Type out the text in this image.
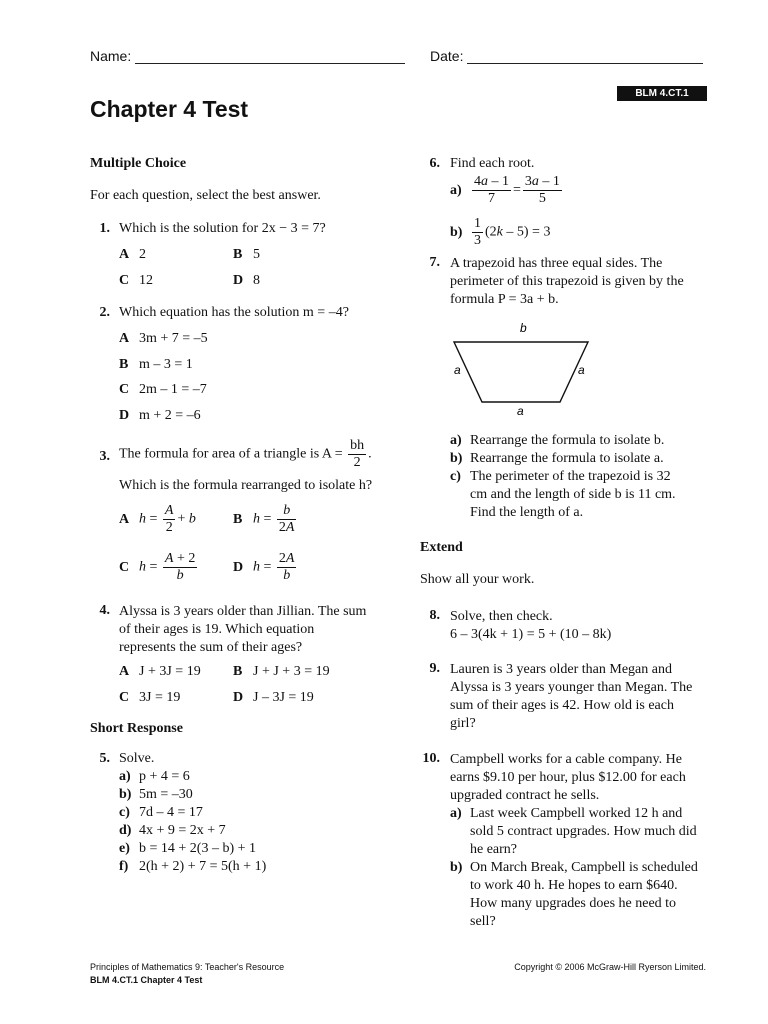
Name:	Date:
BLM 4.CT.1
Chapter 4 Test
Multiple Choice
For each question, select the best answer.
1. Which is the solution for 2x − 3 = 7?
A 2	B 5
C 12	D 8
2. Which equation has the solution m = –4?
A 3m + 7 = –5
B m – 3 = 1
C 2m – 1 = –7
D m + 2 = –6
3. The formula for area of a triangle is $A = \frac{bh}{2}$ .
Which is the formula rearranged to isolate h?
A $h = \frac{A}{2} + b$	B $h = \frac{b}{2A}$
C $h = \frac{A + 2}{b}$	D $h = \frac{2A}{b}$
4. Alyssa is 3 years older than Jillian. The sum of their ages is 19. Which equation represents the sum of their ages?
A J + 3J = 19 B J + J + 3 = 19
C 3J = 19	D J – 3J = 19
Short Response
5. Solve.
a) p + 4 = 6
b) 5m = –30
c) 7d – 4 = 17
d) 4x + 9 = 2x + 7
e) b = 14 + 2(3 – b) + 1
f) 2(h + 2) + 7 = 5(h + 1)
6. Find each root.
$a) \frac{4a - 1}{7} = \frac{3a - 1}{5}$
$b) \frac{1}{3} (2k - 5) = 3$
7. A trapezoid has three equal sides. The perimeter of this trapezoid is given by the formula P = 3a + b.
b
a	a
a
a) Rearrange the formula to isolate b.
b) Rearrange the formula to isolate a.
c) The perimeter of the trapezoid is 32 cm and the length of side b is 11 cm. Find the length of a.
Extend
Show all your work.
8. Solve, then check.
6 – 3(4k + 1) = 5 + (10 – 8k)
9. Lauren is 3 years older than Megan and Alyssa is 3 years younger than Megan. The sum of their ages is 42. How old is each girl?
10. Campbell works for a cable company. He earns $9.10 per hour, plus $12.00 for each upgraded contract he sells.
a) Last week Campbell worked 12 h and sold 5 contract upgrades. How much did he earn?
b) On March Break, Campbell is scheduled to work 40 h. He hopes to earn $640. How many upgrades does he need to sell?
Principles of Mathematics 9: Teacher's Resource
BLM 4.CT.1 Chapter 4 Test
Copyright © 2006 McGraw-Hill Ryerson Limited.
